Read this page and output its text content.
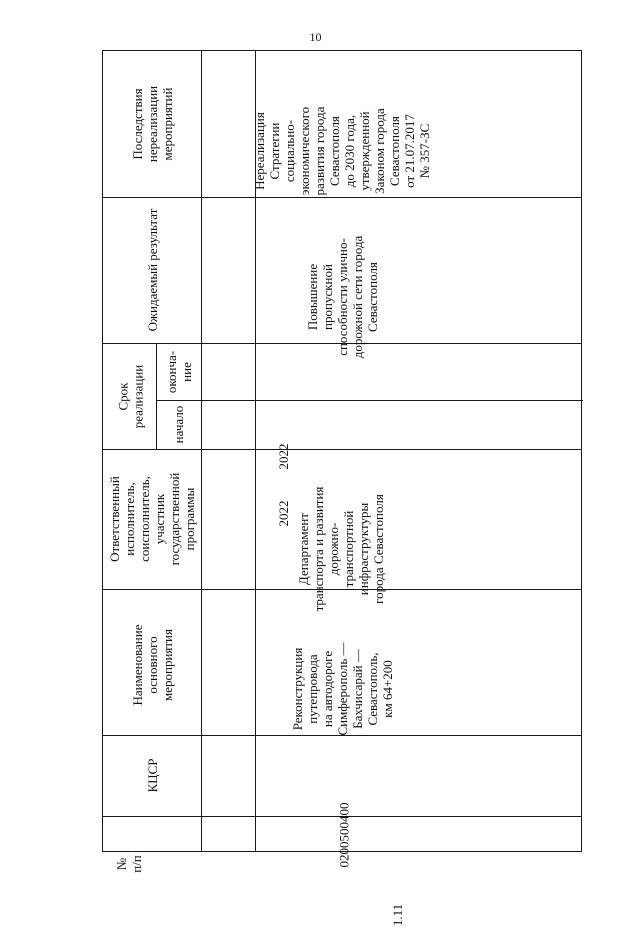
10
№
п/п
КЦСР
Наименование
основного
мероприятия
Ответственный
исполнитель,
соисполнитель,
участник
государственной
программы
Срок
реализации начало
оконча-
ние
Ожидаемый результат
Последствия
нереализации
мероприятий
1.11
0200500400
Реконструкция
путепровода
на автодороге
Симферополь —
Бахчисарай —
Севастополь,
км 64+200
Департамент
транспорта и развития
дорожно-
транспортной
инфраструктуры
города Севастополя
2022
2022
Повышение
пропускной
способности улично-
дорожной сети города
Севастополя
Нереализация
Стратегии
социально-
экономического
развития города
Севастополя
до 2030 года,
утвержденной
Законом города
Севастополя
от 21.07.2017
№ 357-ЗС
